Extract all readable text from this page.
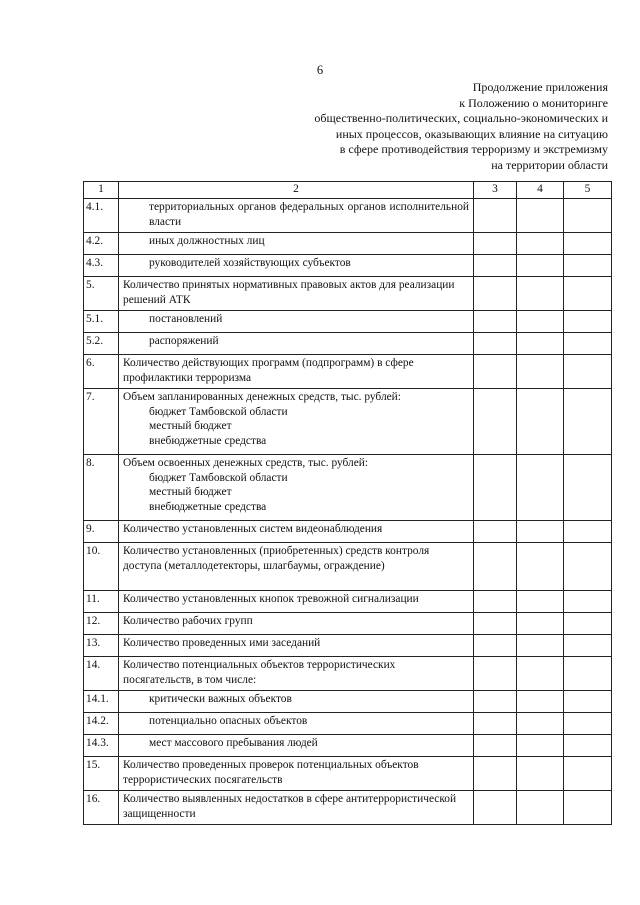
6
Продолжение приложения
к Положению о мониторинге
общественно-политических, социально-экономических и
иных процессов, оказывающих влияние на ситуацию
в сфере противодействия терроризму и экстремизму
на территории области
1	2	3	4	5
4.1.	территориальных органов федеральных органов исполнительной власти			

4.2.	иных должностных лиц			
4.3.	руководителей хозяйствующих субъектов			
5.	Количество принятых нормативных правовых актов для реализации решений АТК			
5.1.	постановлений			
5.2.	распоряжений			
6.	Количество действующих программ (подпрограмм) в сфере профилактики терроризма			
7.	Объем запланированных денежных средств, тыс. рублей:
бюджет Тамбовской области
местный бюджет
внебюджетные средства			

8.	Объем освоенных денежных средств, тыс. рублей:
бюджет Тамбовской области
местный бюджет
внебюджетные средства			

9.	Количество установленных систем видеонаблюдения			
10.	Количество установленных (приобретенных) средств контроля доступа (металлодетекторы, шлагбаумы, ограждение)			
11.	Количество установленных кнопок тревожной сигнализации			
12.	Количество рабочих групп			
13.	Количество проведенных ими заседаний			
14.	Количество потенциальных объектов террористических посягательств, в том числе:			
14.1.	критически важных объектов			
14.2.	потенциально опасных объектов			
14.3.	мест массового пребывания людей			
15.	Количество проведенных проверок потенциальных объектов террористических посягательств			
16.	Количество выявленных недостатков в сфере антитеррористической защищенности			
